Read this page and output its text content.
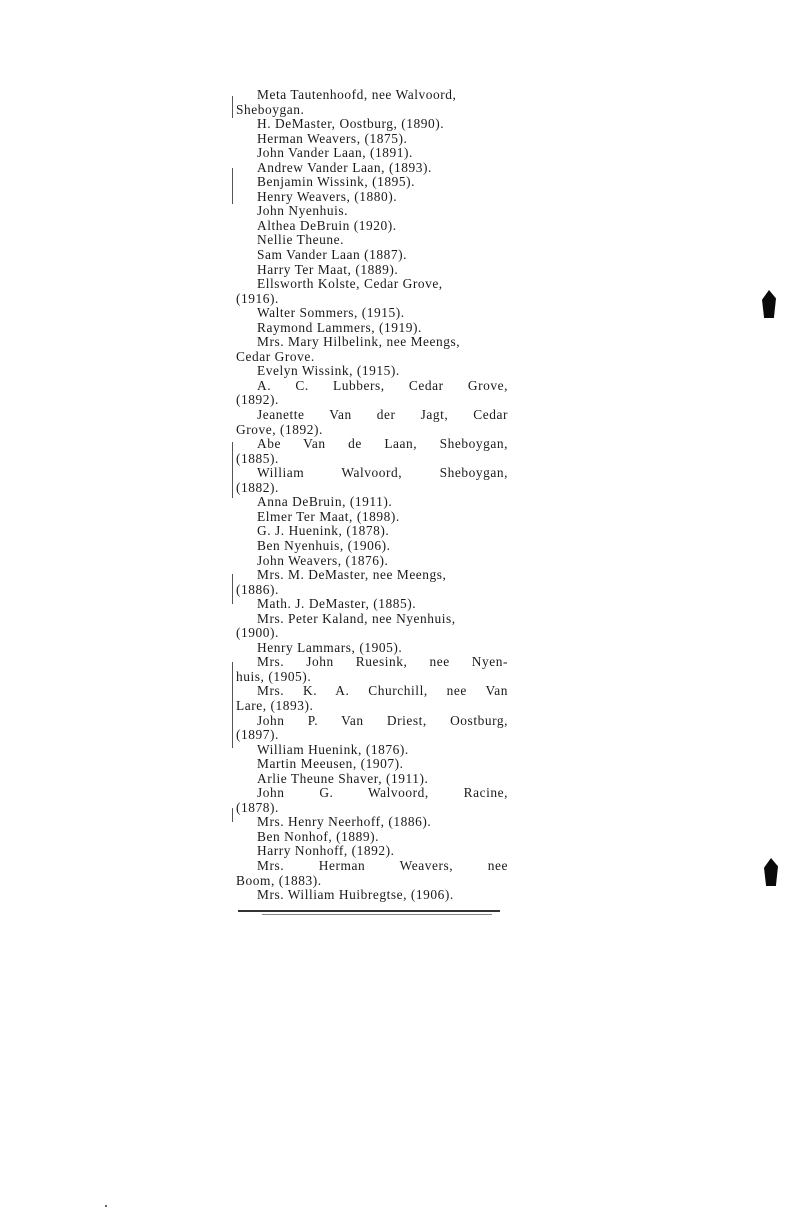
Meta Tautenhoofd, nee Walvoord,
Sheboygan.
H. DeMaster, Oostburg, (1890).
Herman Weavers, (1875).
John Vander Laan, (1891).
Andrew Vander Laan, (1893).
Benjamin Wissink, (1895).
Henry Weavers, (1880).
John Nyenhuis.
Althea DeBruin (1920).
Nellie Theune.
Sam Vander Laan (1887).
Harry Ter Maat, (1889).
Ellsworth Kolste, Cedar Grove,
(1916).
Walter Sommers, (1915).
Raymond Lammers, (1919).
Mrs. Mary Hilbelink, nee Meengs,
Cedar Grove.
Evelyn Wissink, (1915).
A. C. Lubbers, Cedar Grove,
(1892).
Jeanette Van der Jagt, Cedar
Grove, (1892).
Abe Van de Laan, Sheboygan,
(1885).
William Walvoord, Sheboygan,
(1882).
Anna DeBruin, (1911).
Elmer Ter Maat, (1898).
G. J. Huenink, (1878).
Ben Nyenhuis, (1906).
John Weavers, (1876).
Mrs. M. DeMaster, nee Meengs,
(1886).
Math. J. DeMaster, (1885).
Mrs. Peter Kaland, nee Nyenhuis,
(1900).
Henry Lammars, (1905).
Mrs. John Ruesink, nee Nyen-
huis, (1905).
Mrs. K. A. Churchill, nee Van
Lare, (1893).
John P. Van Driest, Oostburg,
(1897).
William Huenink, (1876).
Martin Meeusen, (1907).
Arlie Theune Shaver, (1911).
John G. Walvoord, Racine,
(1878).
Mrs. Henry Neerhoff, (1886).
Ben Nonhof, (1889).
Harry Nonhoff, (1892).
Mrs. Herman Weavers, nee
Boom, (1883).
Mrs. William Huibregtse, (1906).
